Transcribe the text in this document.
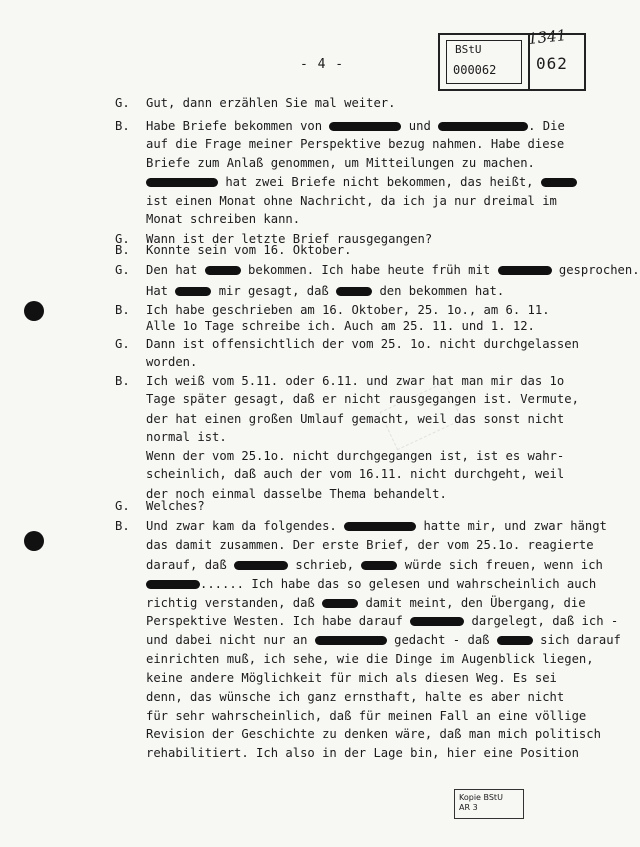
- 4 -
BStU
000062 062
1341
G. Gut, dann erzählen Sie mal weiter.
B. Habe Briefe bekommen von	und	. Die
auf die Frage meiner Perspektive bezug nahmen. Habe diese
Briefe zum Anlaß genommen, um Mitteilungen zu machen.
hat zwei Briefe nicht bekommen, das heißt,
ist einen Monat ohne Nachricht, da ich ja nur dreimal im
Monat schreiben kann.
G. Wann ist der letzte Brief rausgegangen?
B. Konnte sein vom 16. Oktober.
G. Den hat	bekommen. Ich habe heute früh mit	gesprochen.
Hat	mir gesagt, daß	den bekommen hat.
B. Ich habe geschrieben am 16. Oktober, 25. 1o., am 6. 11.
Alle 1o Tage schreibe ich. Auch am 25. 11. und 1. 12.
G. Dann ist offensichtlich der vom 25. 1o. nicht durchgelassen
worden.
B. Ich weiß vom 5.11. oder 6.11. und zwar hat man mir das 1o
Tage später gesagt, daß er nicht rausgegangen ist. Vermute,
der hat einen großen Umlauf gemacht, weil das sonst nicht
normal ist.
Wenn der vom 25.1o. nicht durchgegangen ist, ist es wahr-
scheinlich, daß auch der vom 16.11. nicht durchgeht, weil
der noch einmal dasselbe Thema behandelt.
G. Welches?
B. Und zwar kam da folgendes.	hatte mir, und zwar hängt
das damit zusammen. Der erste Brief, der vom 25.1o. reagierte
darauf, daß	schrieb,	würde sich freuen, wenn ich
...... Ich habe das so gelesen und wahrscheinlich auch
richtig verstanden, daß	damit meint, den Übergang, die
Perspektive Westen. Ich habe darauf	dargelegt, daß ich -
und dabei nicht nur an	gedacht - daß	sich darauf
einrichten muß, ich sehe, wie die Dinge im Augenblick liegen,
keine andere Möglichkeit für mich als diesen Weg. Es sei
denn, das wünsche ich ganz ernsthaft, halte es aber nicht
für sehr wahrscheinlich, daß für meinen Fall an eine völlige
Revision der Geschichte zu denken wäre, daß man mich politisch
rehabilitiert. Ich also in der Lage bin, hier eine Position
Kopie BStU
AR 3
